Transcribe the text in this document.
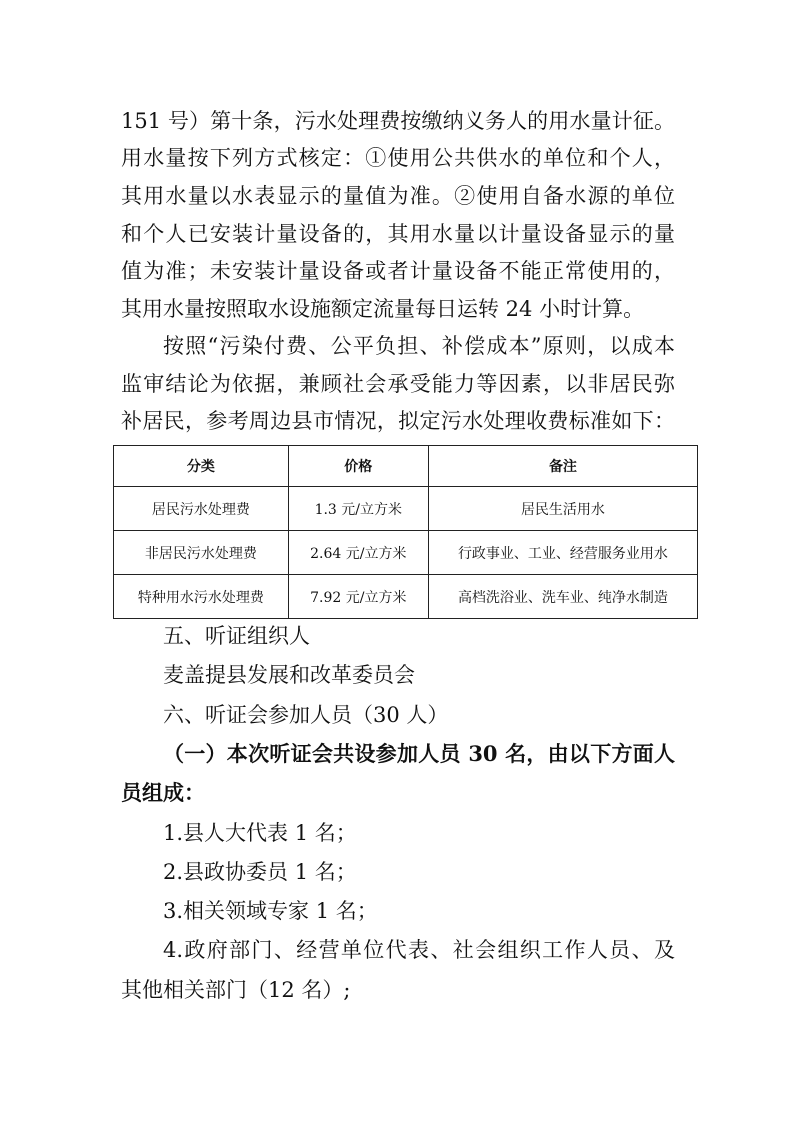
151 号）第十条，污水处理费按缴纳义务人的用水量计征。
用水量按下列方式核定：①使用公共供水的单位和个人，
其用水量以水表显示的量值为准。②使用自备水源的单位
和个人已安装计量设备的，其用水量以计量设备显示的量
值为准；未安装计量设备或者计量设备不能正常使用的，
其用水量按照取水设施额定流量每日运转 24 小时计算。
按照“污染付费、公平负担、补偿成本”原则，以成本
监审结论为依据，兼顾社会承受能力等因素，以非居民弥
补居民，参考周边县市情况，拟定污水处理收费标准如下：
分类	价格	备注
居民污水处理费	1.3 元/立方米	居民生活用水
非居民污水处理费	2.64 元/立方米	行政事业、工业、经营服务业用水
特种用水污水处理费	7.92 元/立方米	高档洗浴业、洗车业、纯净水制造
五、听证组织人
麦盖提县发展和改革委员会
六、听证会参加人员（30 人）
（一）本次听证会共设参加人员 30 名，由以下方面人
员组成：
1.县人大代表 1 名；
2.县政协委员 1 名；
3.相关领域专家 1 名；
4.政府部门、经营单位代表、社会组织工作人员、及
其他相关部门（12 名）;
